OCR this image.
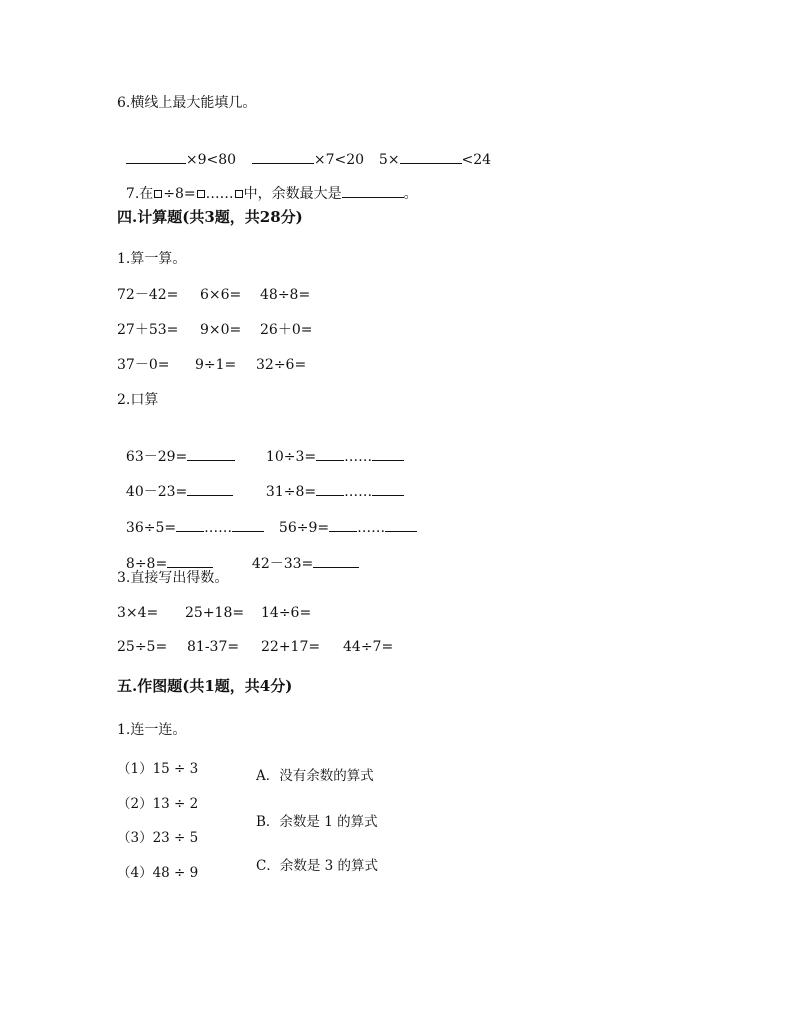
6.横线上最大能填几。

×9<80	×7<20	5×	<24

7.在 ÷8= …… 中，余数最大是	。

四.计算题(共3题，共28分)
1.算一算。
72－42= 6×6= 48÷8=
27＋53= 9×0= 26＋0=
37－0= 9÷1= 32÷6=
2.口算

63－29=	10÷3= ……

40－23=	31÷8= ……

36÷5= ……	56÷9= ……

8÷8=	42－33=

3.直接写出得数。
3×4= 25+18= 14÷6=
25÷5= 81-37= 22+17= 44÷7=
五.作图题(共1题，共4分)
1.连一连。
（1）15 ÷ 3
（2）13 ÷ 2
（3）23 ÷ 5
（4）48 ÷ 9
A．没有余数的算式
B．余数是 1 的算式
C．余数是 3 的算式
